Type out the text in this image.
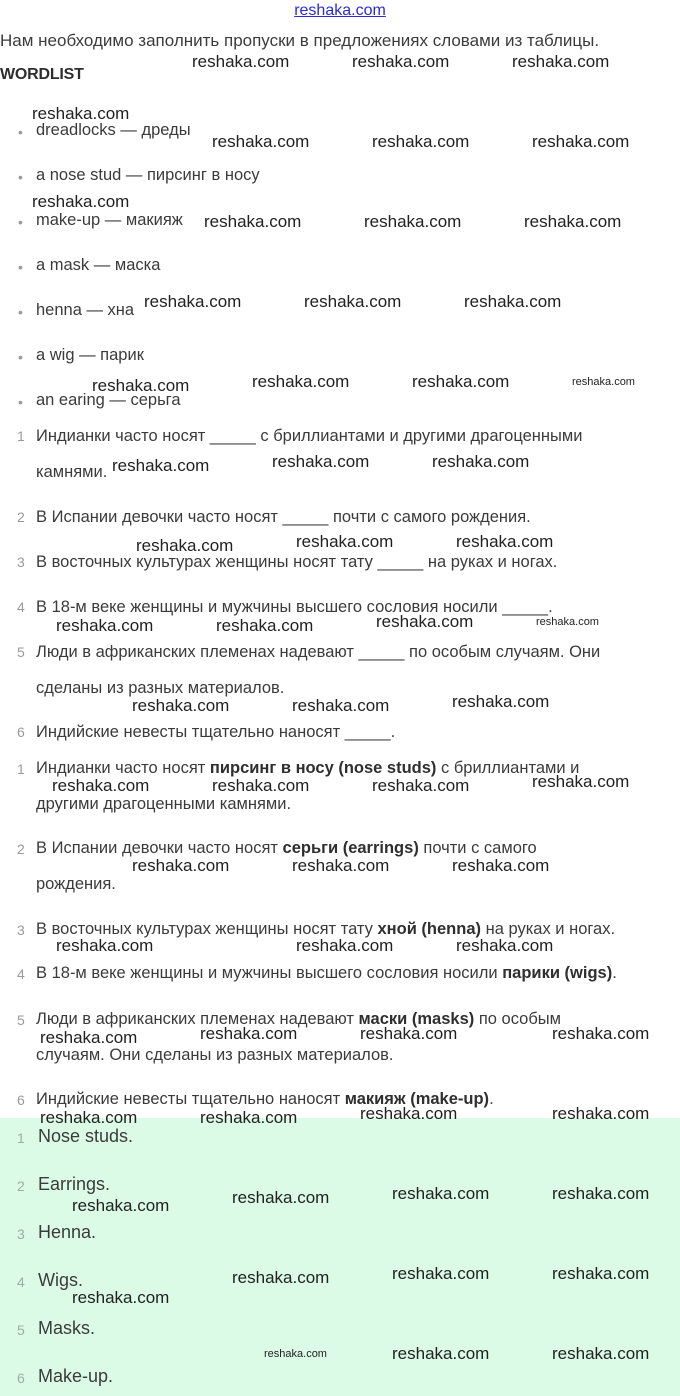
reshaka.com
Нам необходимо заполнить пропуски в предложениях словами из таблицы.
WORDLIST
• dreadlocks — дреды
• a nose stud — пирсинг в носу
• make-up — макияж
• a mask — маска
• henna — хна
• a wig — парик
• an earing — серьга
1 Индианки часто носят _____ с бриллиантами и другими драгоценными
камнями.
2 В Испании девочки часто носят _____ почти с самого рождения.
3 В восточных культурах женщины носят тату _____ на руках и ногах.
4 В 18-м веке женщины и мужчины высшего сословия носили _____.
5 Люди в африканских племенах надевают _____ по особым случаям. Они
сделаны из разных материалов.
6 Индийские невесты тщательно наносят _____.
1 Индианки часто носят пирсинг в носу (nose studs) с бриллиантами и
другими драгоценными камнями.
2 В Испании девочки часто носят серьги (earrings) почти с самого
рождения.
3 В восточных культурах женщины носят тату хной (henna) на руках и ногах.
4 В 18-м веке женщины и мужчины высшего сословия носили парики (wigs).
5 Люди в африканских племенах надевают маски (masks) по особым
случаям. Они сделаны из разных материалов.
6 Индийские невесты тщательно наносят макияж (make-up).
1 Nose studs.
2 Earrings.
3 Henna.
4 Wigs.
5 Masks.
6 Make-up.
reshaka.com	reshaka.com	reshaka.com
reshaka.com
reshaka.com	reshaka.com	reshaka.com
reshaka.com
reshaka.com	reshaka.com	reshaka.com
reshaka.com	reshaka.com	reshaka.com
reshaka.com	reshaka.com	reshaka.com	reshaka.com
reshaka.com	reshaka.com	reshaka.com
reshaka.com	reshaka.com	reshaka.com
reshaka.com	reshaka.com	reshaka.com	reshaka.com
reshaka.com	reshaka.com	reshaka.com
reshaka.com	reshaka.com	reshaka.com	reshaka.com
reshaka.com	reshaka.com	reshaka.com
reshaka.com	reshaka.com	reshaka.com
reshaka.com	reshaka.com	reshaka.com	reshaka.com
reshaka.com	reshaka.com	reshaka.com	reshaka.com
reshaka.com	reshaka.com	reshaka.com	reshaka.com
reshaka.com
reshaka.com	reshaka.com	reshaka.com
reshaka.com	reshaka.com	reshaka.com
